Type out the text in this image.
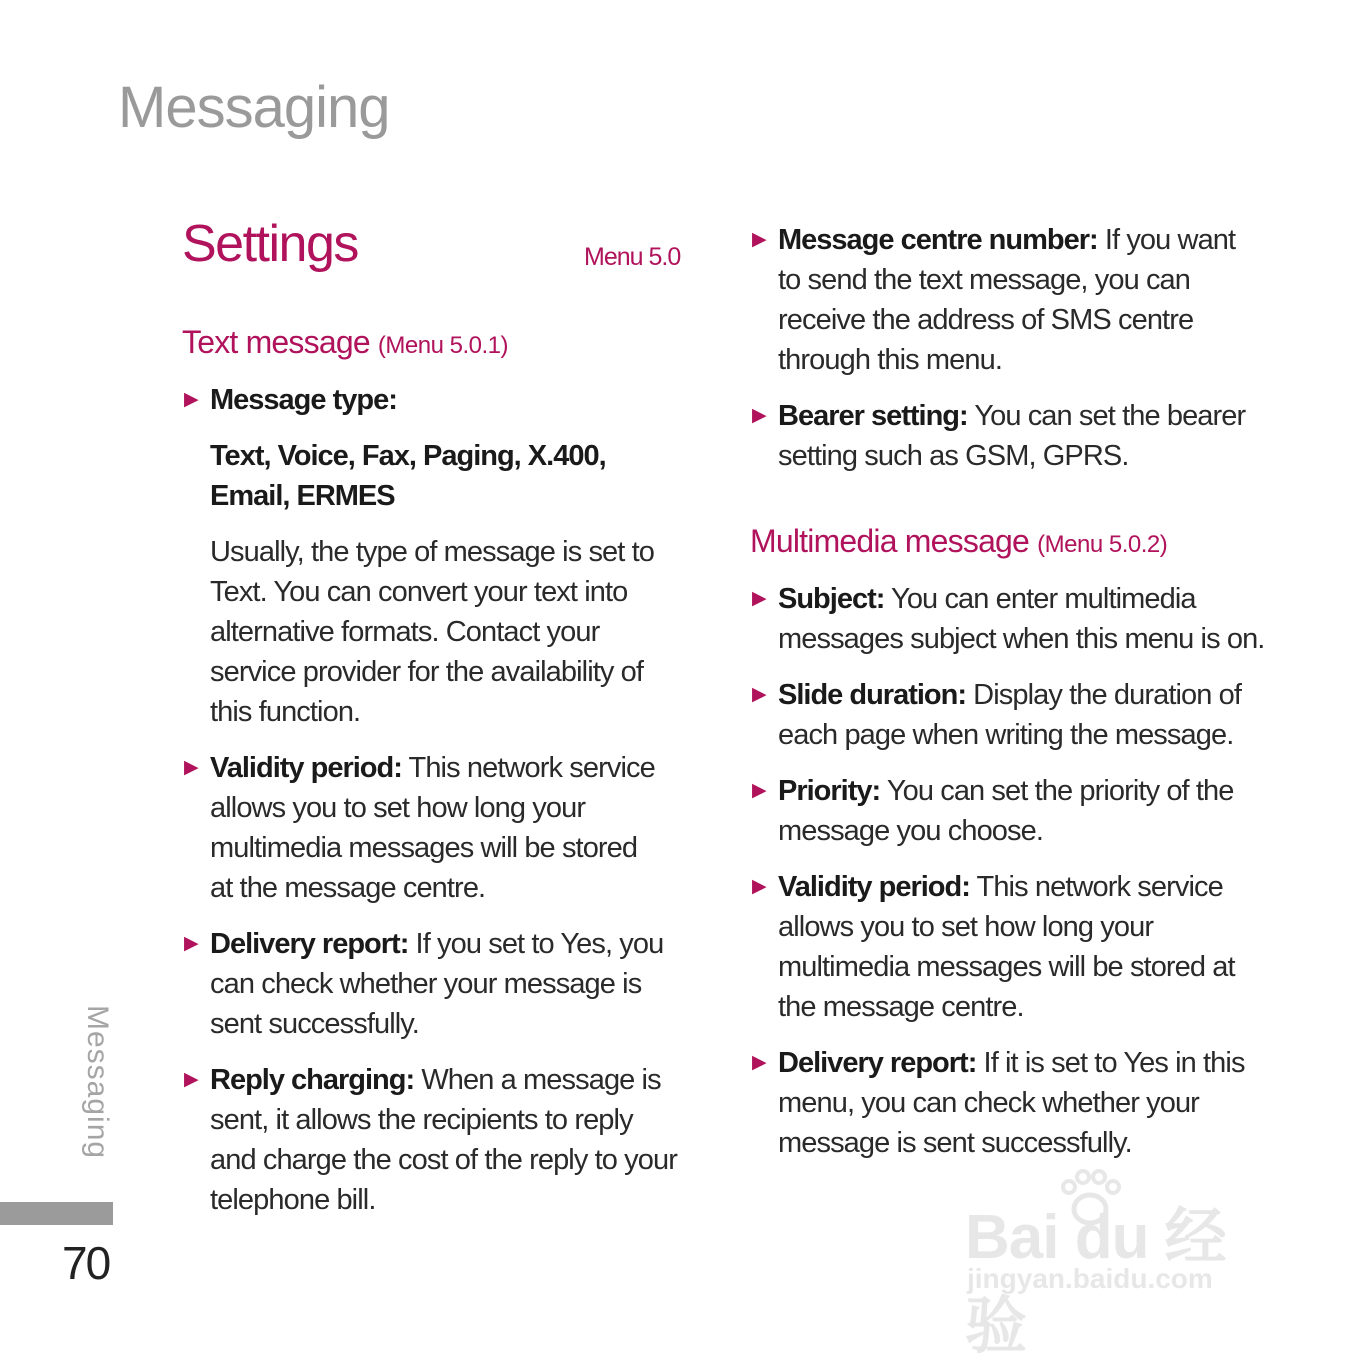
Messaging
Messaging
70
Settings	Menu 5.0
Text message (Menu 5.0.1)
▶ Message type:
Text, Voice, Fax, Paging, X.400, Email, ERMES
Usually, the type of message is set to Text. You can convert your text into alternative formats. Contact your service provider for the availability of this function.
▶ Validity period: This network service allows you to set how long your multimedia messages will be stored at the message centre.
▶ Delivery report: If you set to Yes, you can check whether your message is sent successfully.
▶ Reply charging: When a message is sent, it allows the recipients to reply and charge the cost of the reply to your telephone bill.
▶ Message centre number: If you want to send the text message, you can receive the address of SMS centre through this menu.
▶ Bearer setting: You can set the bearer setting such as GSM, GPRS.
Multimedia message (Menu 5.0.2)
▶ Subject: You can enter multimedia messages subject when this menu is on.
▶ Slide duration: Display the duration of each page when writing the message.
▶ Priority: You can set the priority of the message you choose.
▶ Validity period: This network service allows you to set how long your multimedia messages will be stored at the message centre.
▶ Delivery report: If it is set to Yes in this menu, you can check whether your message is sent successfully.
Bai du 经验
jingyan.baidu.com
